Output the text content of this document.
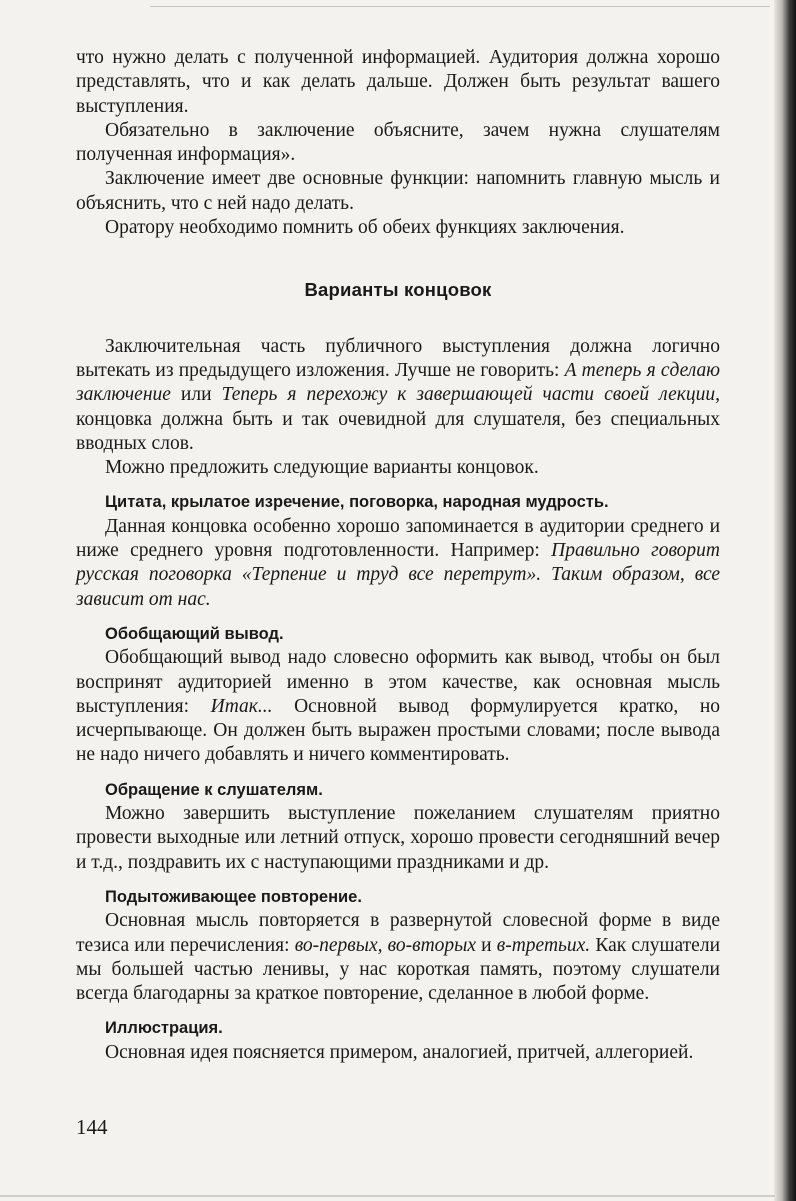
что нужно делать с полученной информацией. Аудитория должна хорошо представлять, что и как делать дальше. Должен быть результат вашего выступления.

Обязательно в заключение объясните, зачем нужна слушателям полученная информация».

Заключение имеет две основные функции: напомнить главную мысль и объяснить, что с ней надо делать.

Оратору необходимо помнить об обеих функциях заключения.

Варианты концовок

Заключительная часть публичного выступления должна логично вытекать из предыдущего изложения. Лучше не говорить: А теперь я сделаю заключение или Теперь я перехожу к завершающей части своей лекции, концовка должна быть и так очевидной для слушателя, без специальных вводных слов.

Можно предложить следующие варианты концовок.

Цитата, крылатое изречение, поговорка, народная мудрость.

Данная концовка особенно хорошо запоминается в аудитории среднего и ниже среднего уровня подготовленности. Например: Правильно говорит русская поговорка «Терпение и труд все перетрут». Таким образом, все зависит от нас.

Обобщающий вывод.

Обобщающий вывод надо словесно оформить как вывод, чтобы он был воспринят аудиторией именно в этом качестве, как основная мысль выступления: Итак... Основной вывод формулируется кратко, но исчерпывающе. Он должен быть выражен простыми словами; после вывода не надо ничего добавлять и ничего комментировать.

Обращение к слушателям.

Можно завершить выступление пожеланием слушателям приятно провести выходные или летний отпуск, хорошо провести сегодняшний вечер и т.д., поздравить их с наступающими праздниками и др.

Подытоживающее повторение.

Основная мысль повторяется в развернутой словесной форме в виде тезиса или перечисления: во-первых, во-вторых и в-третьих. Как слушатели мы большей частью ленивы, у нас короткая память, поэтому слушатели всегда благодарны за краткое повторение, сделанное в любой форме.

Иллюстрация.

Основная идея поясняется примером, аналогией, притчей, аллегорией.

144
